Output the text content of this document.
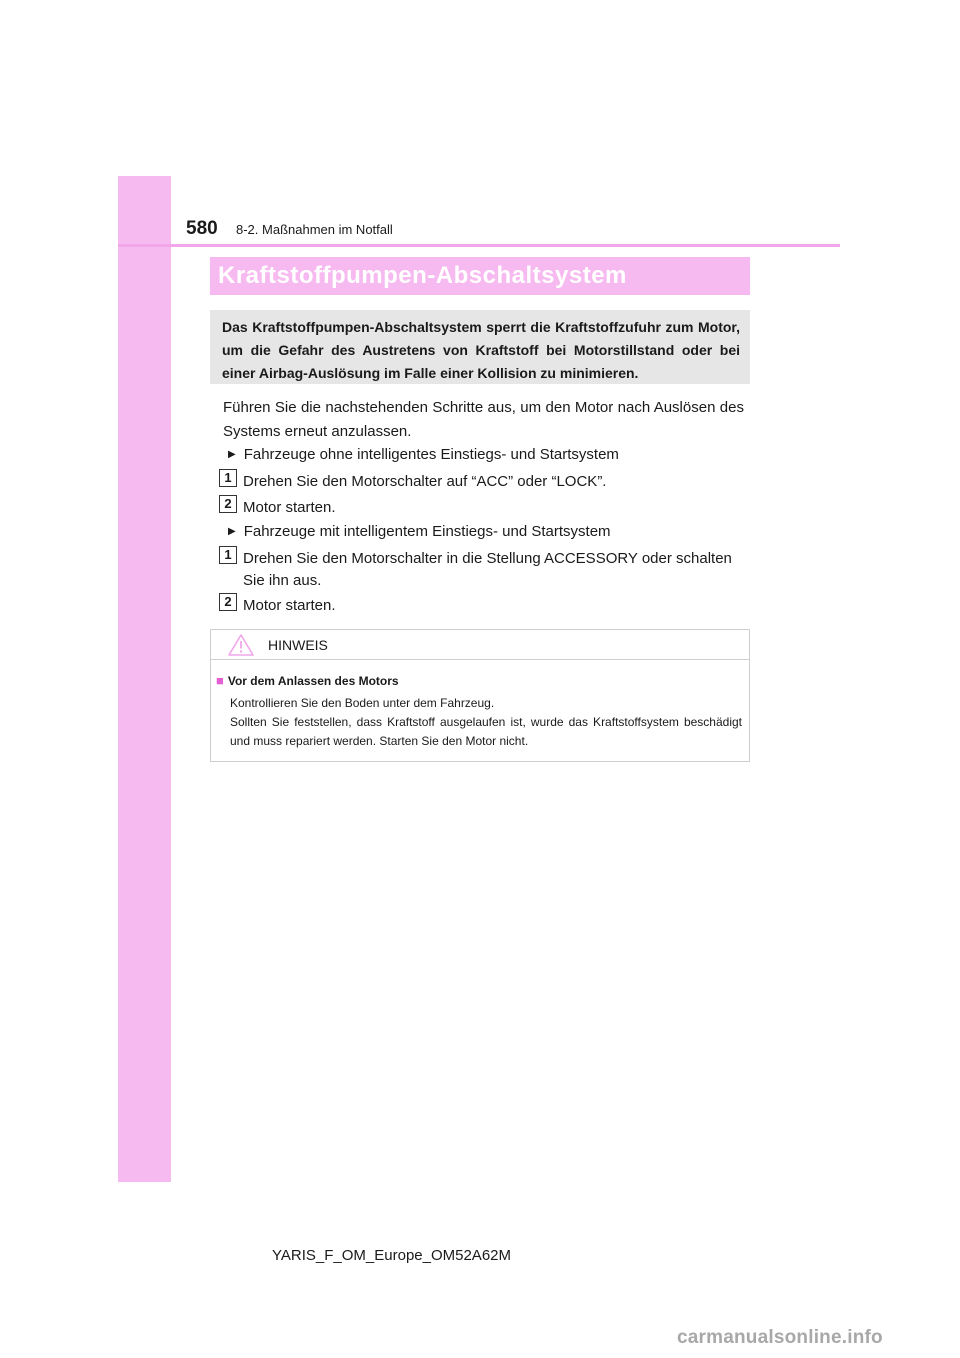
580 8-2. Maßnahmen im Notfall
Kraftstoffpumpen-Abschaltsystem
Das Kraftstoffpumpen-Abschaltsystem sperrt die Kraftstoffzufuhr zum Motor, um die Gefahr des Austretens von Kraftstoff bei Motorstillstand oder bei einer Airbag-Auslösung im Falle einer Kollision zu minimieren.
Führen Sie die nachstehenden Schritte aus, um den Motor nach Auslösen des Systems erneut anzulassen.
▶ Fahrzeuge ohne intelligentes Einstiegs- und Startsystem
1 Drehen Sie den Motorschalter auf “ACC” oder “LOCK”.
2 Motor starten.
▶ Fahrzeuge mit intelligentem Einstiegs- und Startsystem
1 Drehen Sie den Motorschalter in die Stellung ACCESSORY oder schalten Sie ihn aus.
2 Motor starten.
HINWEIS
■ Vor dem Anlassen des Motors
Kontrollieren Sie den Boden unter dem Fahrzeug.
Sollten Sie feststellen, dass Kraftstoff ausgelaufen ist, wurde das Kraftstoffsystem beschädigt und muss repariert werden. Starten Sie den Motor nicht.
YARIS_F_OM_Europe_OM52A62M
carmanualsonline.info
